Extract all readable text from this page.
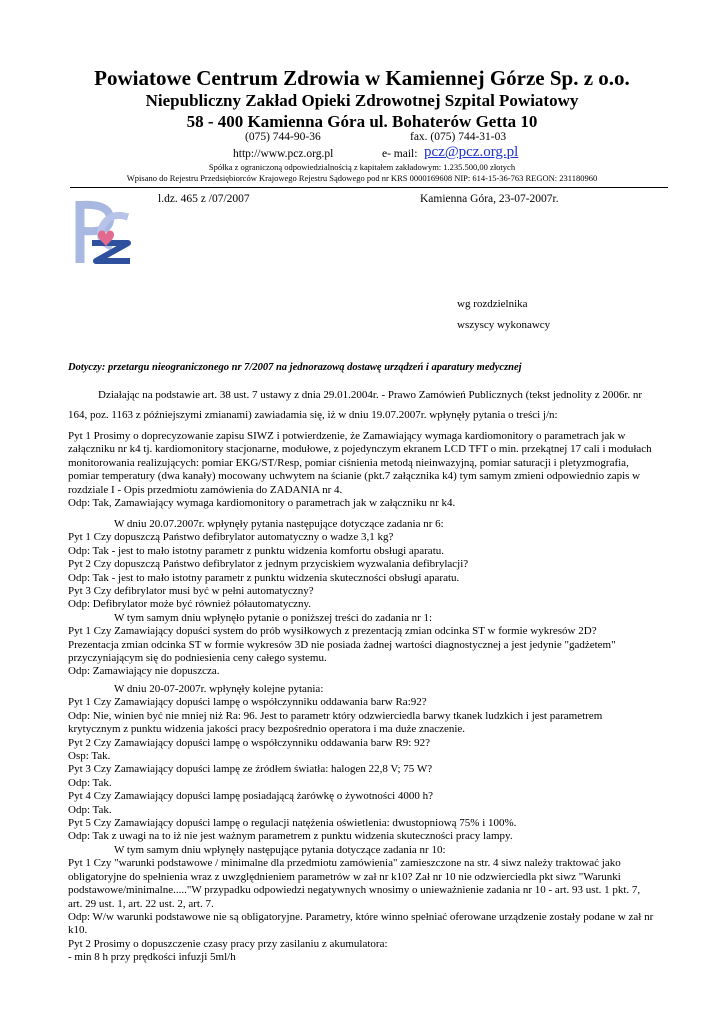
Powiatowe Centrum Zdrowia w Kamiennej Górze Sp. z o.o.
Niepubliczny Zakład Opieki Zdrowotnej Szpital Powiatowy
58 - 400 Kamienna Góra ul. Bohaterów Getta 10
(075) 744-90-36	fax. (075) 744-31-03
http://www.pcz.org.pl	e- mail: pcz@pcz.org.pl
Spółka z ograniczoną odpowiedzialnością z kapitałem zakładowym: 1.235.500,00 złotych
Wpisano do Rejestru Przedsiębiorców Krajowego Rejestru Sądowego pod nr KRS 0000169608 NIP: 614-15-36-763 REGON: 231180960
l.dz. 465 z /07/2007	Kamienna Góra, 23-07-2007r.
wg rozdzielnika
wszyscy wykonawcy
Dotyczy: przetargu nieograniczonego nr 7/2007 na jednorazową dostawę urządzeń i aparatury medycznej
Działając na podstawie art. 38 ust. 7 ustawy z dnia 29.01.2004r. - Prawo Zamówień Publicznych (tekst jednolity z 2006r. nr
164, poz. 1163 z późniejszymi zmianami) zawiadamia się, iż w dniu 19.07.2007r. wpłynęły pytania o treści j/n:
Pyt 1 Prosimy o doprecyzowanie zapisu SIWZ i potwierdzenie, że Zamawiający wymaga kardiomonitory o parametrach jak w
załączniku nr k4 tj. kardiomonitory stacjonarne, modułowe, z pojedynczym ekranem LCD TFT o min. przekątnej 17 cali i modułach
monitorowania realizujących: pomiar EKG/ST/Resp, pomiar ciśnienia metodą nieinwazyjną, pomiar saturacji i pletyzmografia,
pomiar temperatury (dwa kanały) mocowany uchwytem na ścianie (pkt.7 załącznika k4) tym samym zmieni odpowiednio zapis w
rozdziale I - Opis przedmiotu zamówienia do ZADANIA nr 4.
Odp: Tak, Zamawiający wymaga kardiomonitory o parametrach jak w załączniku nr k4.
W dniu 20.07.2007r. wpłynęły pytania następujące dotyczące zadania nr 6:
Pyt 1 Czy dopuszczą Państwo defibrylator automatyczny o wadze 3,1 kg?
Odp: Tak - jest to mało istotny parametr z punktu widzenia komfortu obsługi aparatu.
Pyt 2 Czy dopuszczą Państwo defibrylator z jednym przyciskiem wyzwalania defibrylacji?
Odp: Tak - jest to mało istotny parametr z punktu widzenia skuteczności obsługi aparatu.
Pyt 3 Czy defibrylator musi być w pełni automatyczny?
Odp: Defibrylator może być również półautomatyczny.
W tym samym dniu wpłynęło pytanie o poniższej treści do zadania nr 1:
Pyt 1 Czy Zamawiający dopuści system do prób wysiłkowych z prezentacją zmian odcinka ST w formie wykresów 2D?
Prezentacja zmian odcinka ST w formie wykresów 3D nie posiada żadnej wartości diagnostycznej a jest jedynie "gadżetem"
przyczyniającym się do podniesienia ceny całego systemu.
Odp: Zamawiający nie dopuszcza.
W dniu 20-07-2007r. wpłynęły kolejne pytania:
Pyt 1 Czy Zamawiający dopuści lampę o współczynniku oddawania barw Ra:92?
Odp: Nie, winien być nie mniej niż Ra: 96. Jest to parametr który odzwierciedla barwy tkanek ludzkich i jest parametrem
krytycznym z punktu widzenia jakości pracy bezpośrednio operatora i ma duże znaczenie.
Pyt 2 Czy Zamawiający dopuści lampę o współczynniku oddawania barw R9: 92?
Osp: Tak.
Pyt 3 Czy Zamawiający dopuści lampę ze źródłem światła: halogen 22,8 V; 75 W?
Odp: Tak.
Pyt 4 Czy Zamawiający dopuści lampę posiadającą żarówkę o żywotności 4000 h?
Odp: Tak.
Pyt 5 Czy Zamawiający dopuści lampę o regulacji natężenia oświetlenia: dwustopniową 75% i 100%.
Odp: Tak z uwagi na to iż nie jest ważnym parametrem z punktu widzenia skuteczności pracy lampy.
W tym samym dniu wpłynęły następujące pytania dotyczące zadania nr 10:
Pyt 1 Czy "warunki podstawowe / minimalne dla przedmiotu zamówienia" zamieszczone na str. 4 siwz należy traktować jako
obligatoryjne do spełnienia wraz z uwzględnieniem parametrów w zał nr k10? Zał nr 10 nie odzwierciedla pkt siwz "Warunki
podstawowe/minimalne....."W przypadku odpowiedzi negatywnych wnosimy o unieważnienie zadania nr 10 - art. 93 ust. 1 pkt. 7,
art. 29 ust. 1, art. 22 ust. 2, art. 7.
Odp: W/w warunki podstawowe nie są obligatoryjne. Parametry, które winno spełniać oferowane urządzenie zostały podane w zał nr
k10.
Pyt 2 Prosimy o dopuszczenie czasy pracy przy zasilaniu z akumulatora:
- min 8 h przy prędkości infuzji 5ml/h
